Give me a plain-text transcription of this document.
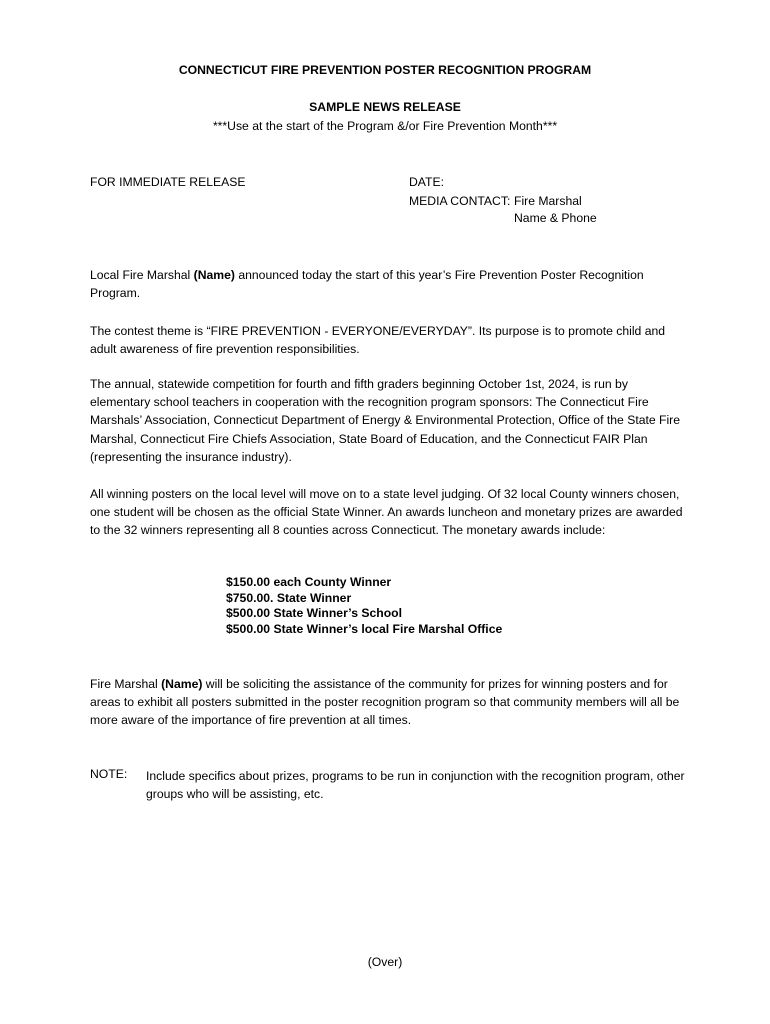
CONNECTICUT FIRE PREVENTION POSTER RECOGNITION PROGRAM
SAMPLE NEWS RELEASE
***Use at the start of the Program &/or Fire Prevention Month***
FOR IMMEDIATE RELEASE	DATE:
MEDIA CONTACT: Fire Marshal
Name & Phone

Local Fire Marshal (Name) announced today the start of this year’s Fire Prevention Poster Recognition Program.

The contest theme is “FIRE PREVENTION - EVERYONE/EVERYDAY”. Its purpose is to promote child and adult awareness of fire prevention responsibilities.

The annual, statewide competition for fourth and fifth graders beginning October 1st, 2024, is run by elementary school teachers in cooperation with the recognition program sponsors: The Connecticut Fire Marshals’ Association, Connecticut Department of Energy & Environmental Protection, Office of the State Fire Marshal, Connecticut Fire Chiefs Association, State Board of Education, and the Connecticut FAIR Plan (representing the insurance industry).

All winning posters on the local level will move on to a state level judging. Of 32 local County winners chosen, one student will be chosen as the official State Winner. An awards luncheon and monetary prizes are awarded to the 32 winners representing all 8 counties across Connecticut. The monetary awards include:

$150.00 each County Winner
$750.00. State Winner
$500.00 State Winner’s School
$500.00 State Winner’s local Fire Marshal Office

Fire Marshal (Name) will be soliciting the assistance of the community for prizes for winning posters and for areas to exhibit all posters submitted in the poster recognition program so that community members will all be more aware of the importance of fire prevention at all times.

NOTE: Include specifics about prizes, programs to be run in conjunction with the recognition program, other groups who will be assisting, etc.
(Over)
